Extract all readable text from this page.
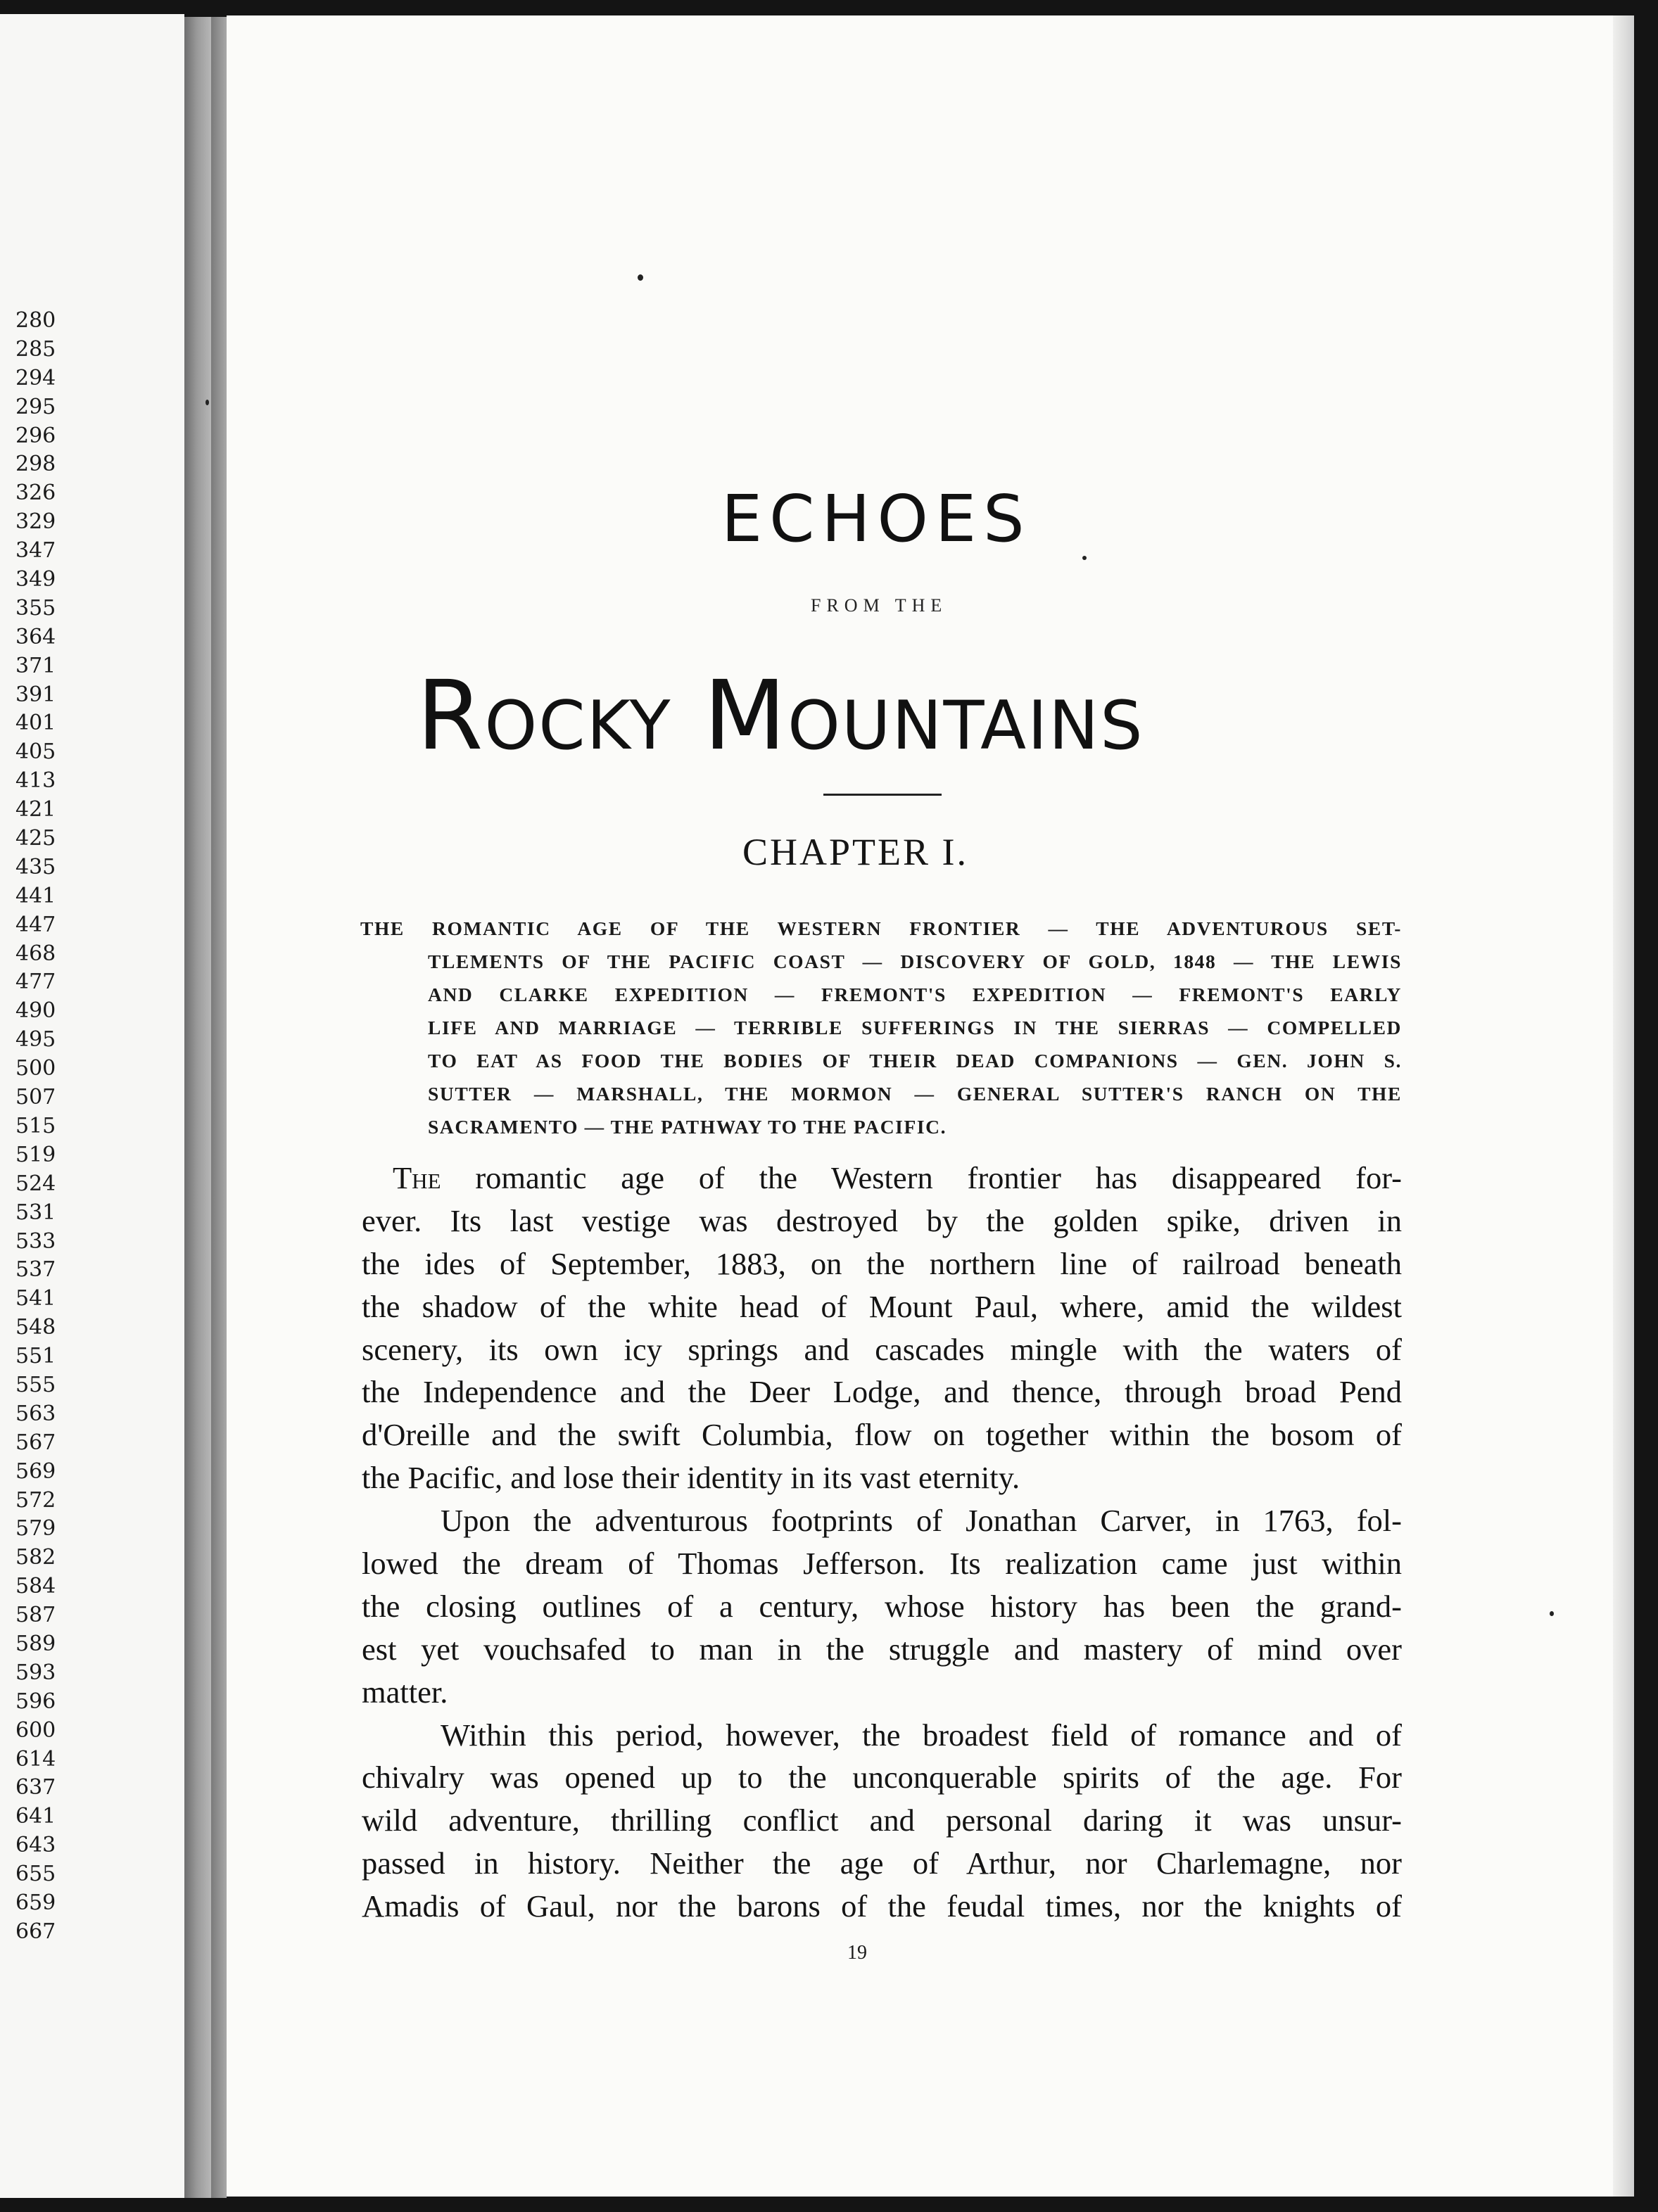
280
285
294
295
296
298
326
329
347
349
355
364
371
391
401
405
413
421
425
435
441
447
468
477
490
495
500
507
515
519
524
531
533
537
541
548
551
555
563
567
569
572
579
582
584
587
589
593
596
600
614
637
641
643
655
659
667
ECHOES
FROM THE
Rocky Mountains
CHAPTER I.
THE ROMANTIC AGE OF THE WESTERN FRONTIER — THE ADVENTUROUS SET-
TLEMENTS OF THE PACIFIC COAST — DISCOVERY OF GOLD, 1848 — THE LEWIS
AND CLARKE EXPEDITION — FREMONT'S EXPEDITION — FREMONT'S EARLY
LIFE AND MARRIAGE — TERRIBLE SUFFERINGS IN THE SIERRAS — COMPELLED
TO EAT AS FOOD THE BODIES OF THEIR DEAD COMPANIONS — GEN. JOHN S.
SUTTER — MARSHALL, THE MORMON — GENERAL SUTTER'S RANCH ON THE
SACRAMENTO — THE PATHWAY TO THE PACIFIC.
The romantic age of the Western frontier has disappeared for-
ever. Its last vestige was destroyed by the golden spike, driven in
the ides of September, 1883, on the northern line of railroad beneath
the shadow of the white head of Mount Paul, where, amid the wildest
scenery, its own icy springs and cascades mingle with the waters of
the Independence and the Deer Lodge, and thence, through broad Pend
d'Oreille and the swift Columbia, flow on together within the bosom of
the Pacific, and lose their identity in its vast eternity.
Upon the adventurous footprints of Jonathan Carver, in 1763, fol-
lowed the dream of Thomas Jefferson. Its realization came just within
the closing outlines of a century, whose history has been the grand-
est yet vouchsafed to man in the struggle and mastery of mind over
matter.
Within this period, however, the broadest field of romance and of
chivalry was opened up to the unconquerable spirits of the age. For
wild adventure, thrilling conflict and personal daring it was unsur-
passed in history. Neither the age of Arthur, nor Charlemagne, nor
Amadis of Gaul, nor the barons of the feudal times, nor the knights of
19
